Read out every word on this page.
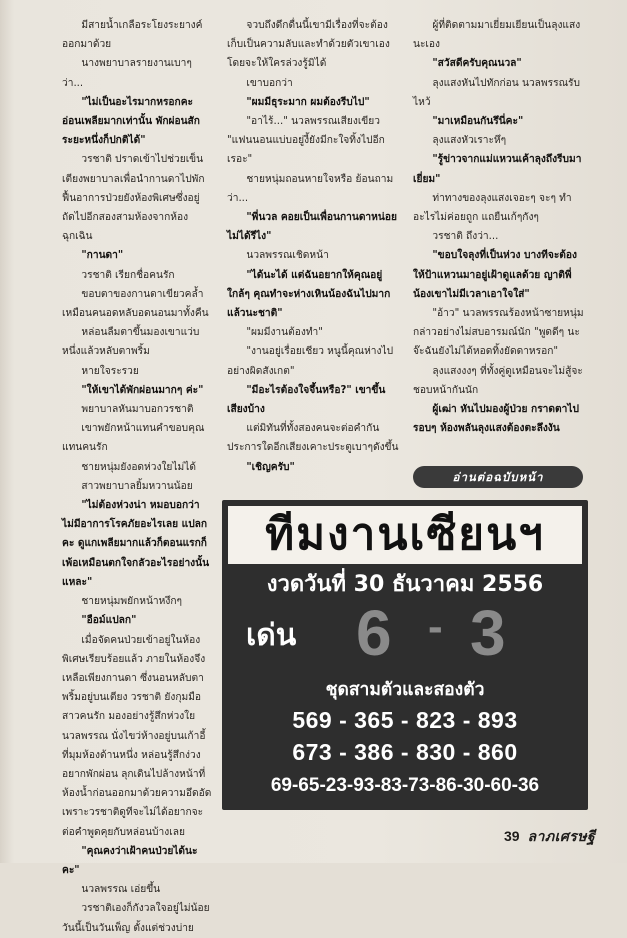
มีสายน้ำเกลือระโยงระยางค์ออกมาด้วย

นางพยาบาลรายงานเบาๆ ว่า...

"ไม่เป็นอะไรมากหรอกคะ อ่อนเพลียมากเท่านั้น พักผ่อนสักระยะหนึ่งก็ปกติได้"

วรชาติ ปราดเข้าไปช่วยเข็นเตียงพยาบาลเพื่อนำกานดาไปพักฟื้นอาการป่วยยังห้องพิเศษซึ่งอยู่ถัดไปอีกสองสามห้องจากห้องฉุกเฉิน

"กานดา"

วรชาติ เรียกชื่อคนรัก

ขอบตาของกานดาเขียวคล้ำเหมือนคนอดหลับอดนอนมาทั้งคืน

หล่อนลืมตาขึ้นมองเขาแว่บหนึ่งแล้วหลับตาพริ้ม

หายใจระรวย

"ให้เขาได้พักผ่อนมากๆ ค่ะ"

พยาบาลหันมาบอกวรชาติ

เขาพยักหน้าแทนคำขอบคุณแทนคนรัก

ชายหนุ่มยังอดห่วงใยไม่ได้

สาวพยาบาลยิ้มหวานน้อย

"ไม่ต้องห่วงน่า หมอบอกว่าไม่มีอาการโรคภัยอะไรเลย แปลกคะ ดูแกเพลียมากแล้วก็ตอนแรกก็เพ้อเหมือนตกใจกลัวอะไรอย่างนั้นแหละ"

ชายหนุ่มพยักหน้าหงึกๆ

"อือม์แปลก"

เมื่อจัดคนป่วยเข้าอยู่ในห้องพิเศษเรียบร้อยแล้ว ภายในห้องจึงเหลือเพียงกานดา ซึ่งนอนหลับตาพริ้มอยู่บนเตียง วรชาติ ยังกุมมือสาวคนรัก มองอย่างรู้สึกห่วงใย นวลพรรณ นั่งไขว่ห้างอยู่บนเก้าอี้ที่มุมห้องด้านหนึ่ง หล่อนรู้สึกง่วงอยากพักผ่อน ลุกเดินไปล้างหน้าที่ห้องน้ำก่อนออกมาด้วยความอึดอัด เพราะวรชาติดูทีจะไม่ได้อยากจะต่อคำพูดคุยกับหล่อนบ้างเลย

"คุณคงว่าเฝ้าคนป่วยได้นะคะ"

นวลพรรณ เอ่ยขึ้น

วรชาติเองก็กังวลใจอยู่ไม่น้อย วันนี้เป็นวันเพ็ญ ตั้งแต่ช่วงบ่าย

จวบถึงดึกดื่นนี้เขามีเรื่องที่จะต้องเก็บเป็นความลับและทำด้วยตัวเขาเองโดยจะให้ใครล่วงรู้มิได้

เขาบอกว่า

"ผมมีธุระมาก ผมต้องรีบไป"

"อาไร้..." นวลพรรณเสียงเขียว "แฟนนอนแบ่บอยู่งี้ยังมีกะใจทิ้งไปอีกเรอะ"

ชายหนุ่มถอนหายใจหรือ ย้อนถามว่า...

"พี่นวล คอยเป็นเพื่อนกานดาหน่อยไม่ได้รึไง"

นวลพรรณเชิดหน้า

"ได้นะได้ แต่ฉันอยากให้คุณอยู่ใกล้ๆ คุณทำจะห่างเหินน้องฉันไปมากแล้วนะชาติ"

"ผมมีงานต้องทำ"

"งานอยู่เรื่อยเชียว หนูนี้คุณห่างไปอย่างผิดสังเกต"

"มีอะไรต้องใจจึ้นหรือ?" เขาขึ้นเสียงบ้าง

แต่มิทันที่ทั้งสองคนจะต่อคำกันประการใดอีกเสียงเคาะประตูเบาๆดังขึ้น

"เชิญครับ"

ผู้ที่ติดตามมาเยี่ยมเยียนเป็นลุงแสงนะเอง

"สวัสดีครับคุณนวล"

ลุงแสงหันไปทักก่อน นวลพรรณรับไหว้

"มาเหมือนกันรึนี่คะ"

ลุงแสงหัวเราะหึๆ

"รู้ข่าวจากแม่แหวนเค้าลุงถึงรีบมาเยี่ยม"

ท่าทางของลุงแสงเจอะๆ จะๆ ทำอะไรไม่ค่อยถูก แถยืนเก้ๆกังๆ

วรชาติ ถึงว่า...

"ขอบใจลุงที่เป็นห่วง บางทีจะต้องให้ป้าแหวนมาอยู่เฝ้าดูแลด้วย ญาติพี่น้องเขาไม่มีเวลาเอาใจใส่"

"อ้าว" นวลพรรณร้องหน้าซายหนุ่มกล่าวอย่างไม่สบอารมณ์นัก "พูดดีๆ นะจ๊ะฉันยังไม่ได้หอดทิ้งยัดดาหรอก"

ลุงแสงงงๆ ที่ทั้งคู่ดูเหมือนจะไม่สู้จะชอบหน้ากันนัก

ผู้เฒ่า หันไปมองผู้ป่วย กราดตาไปรอบๆ ห้องพลันลุงแสงต้องตะลึงงัน

อ่านต่อฉบับหน้า
ทีมงานเซียนฯ
งวดวันที่ 30 ธันวาคม 2556
เด่น 6 - 3
ชุดสามตัวและสองตัว
569 - 365 - 823 - 893
673 - 386 - 830 - 860
69-65-23-93-83-73-86-30-60-36
39 ลาภเศรษฐี
